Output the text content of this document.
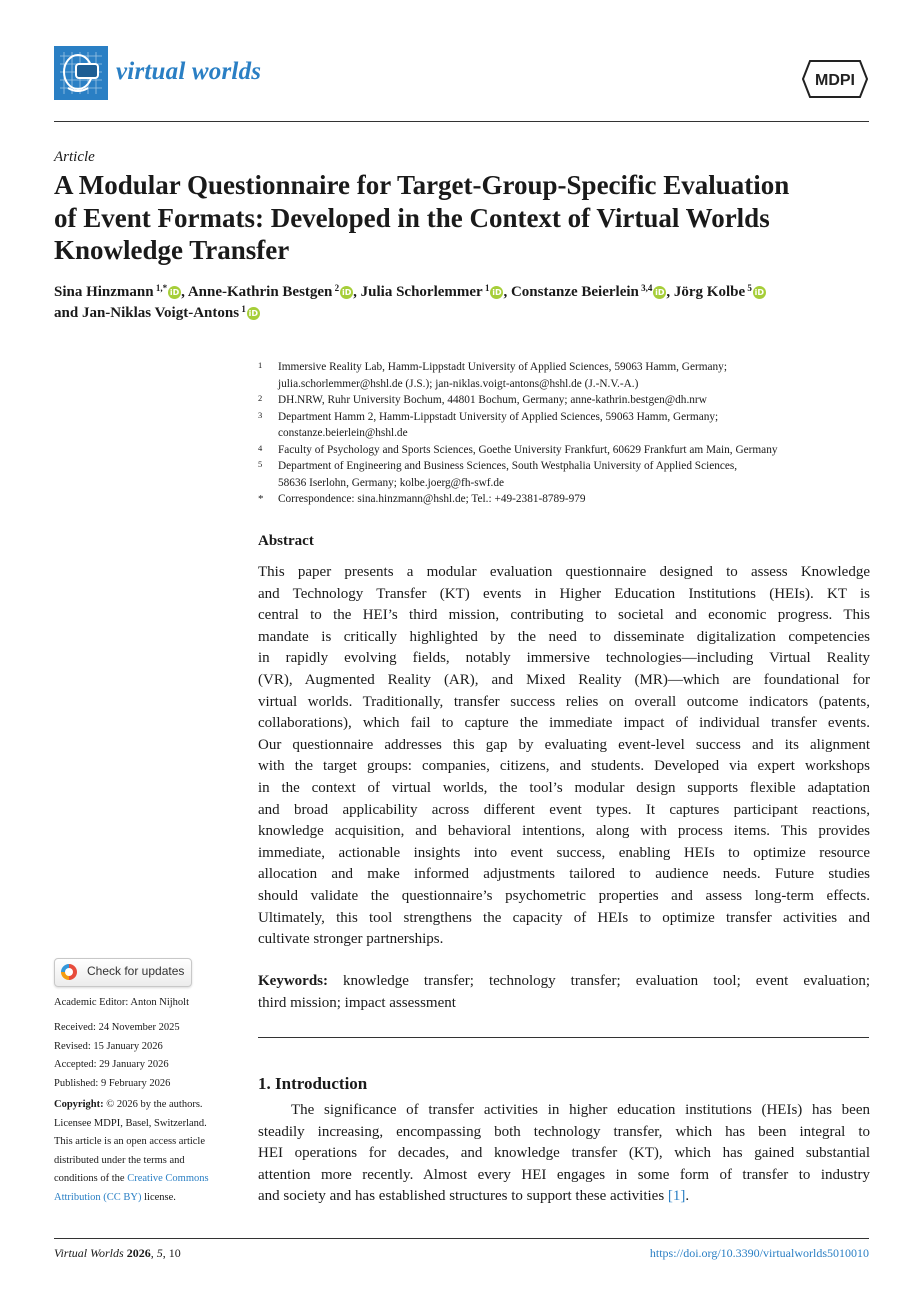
virtual worlds	MDPI
Article
A Modular Questionnaire for Target-Group-Specific Evaluation
of Event Formats: Developed in the Context of Virtual Worlds
Knowledge Transfer
Sina Hinzmann $^{1,*}$ iD , Anne-Kathrin Bestgen $^2$ iD , Julia Schorlemmer $^1$ iD , Constanze Beierlein $^{3,4}$ iD , Jörg Kolbe $^5$ iD
and Jan-Niklas Voigt-Antons $^1$ iD
1 Immersive Reality Lab, Hamm-Lippstadt University of Applied Sciences, 59063 Hamm, Germany;
julia.schorlemmer@hshl.de (J.S.); jan-niklas.voigt-antons@hshl.de (J.-N.V.-A.)
2 DH.NRW, Ruhr University Bochum, 44801 Bochum, Germany; anne-kathrin.bestgen@dh.nrw
3 Department Hamm 2, Hamm-Lippstadt University of Applied Sciences, 59063 Hamm, Germany;
constanze.beierlein@hshl.de
4 Faculty of Psychology and Sports Sciences, Goethe University Frankfurt, 60629 Frankfurt am Main, Germany
5 Department of Engineering and Business Sciences, South Westphalia University of Applied Sciences,
58636 Iserlohn, Germany; kolbe.joerg@fh-swf.de
* Correspondence: sina.hinzmann@hshl.de; Tel.: +49-2381-8789-979
Abstract
This paper presents a modular evaluation questionnaire designed to assess Knowledge
and Technology Transfer (KT) events in Higher Education Institutions (HEIs). KT is
central to the HEI’s third mission, contributing to societal and economic progress. This
mandate is critically highlighted by the need to disseminate digitalization competencies
in rapidly evolving fields, notably immersive technologies—including Virtual Reality
(VR), Augmented Reality (AR), and Mixed Reality (MR)—which are foundational for
virtual worlds. Traditionally, transfer success relies on overall outcome indicators (patents,
collaborations), which fail to capture the immediate impact of individual transfer events.
Our questionnaire addresses this gap by evaluating event-level success and its alignment
with the target groups: companies, citizens, and students. Developed via expert workshops
in the context of virtual worlds, the tool’s modular design supports flexible adaptation
and broad applicability across different event types. It captures participant reactions,
knowledge acquisition, and behavioral intentions, along with process items. This provides
immediate, actionable insights into event success, enabling HEIs to optimize resource
allocation and make informed adjustments tailored to audience needs. Future studies
should validate the questionnaire’s psychometric properties and assess long-term effects.
Ultimately, this tool strengthens the capacity of HEIs to optimize transfer activities and
cultivate stronger partnerships.
Keywords: knowledge transfer; technology transfer; evaluation tool; event evaluation;
third mission; impact assessment
1. Introduction
The significance of transfer activities in higher education institutions (HEIs) has been
steadily increasing, encompassing both technology transfer, which has been integral to
HEI operations for decades, and knowledge transfer (KT), which has gained substantial
attention more recently. Almost every HEI engages in some form of transfer to industry
and society and has established structures to support these activities [1].
Check for updates
Academic Editor: Anton Nijholt
Received: 24 November 2025
Revised: 15 January 2026
Accepted: 29 January 2026
Published: 9 February 2026
Copyright: © 2026 by the authors.
Licensee MDPI, Basel, Switzerland.
This article is an open access article
distributed under the terms and
conditions of the Creative Commons
Attribution (CC BY) license.
Virtual Worlds 2026, 5, 10	https://doi.org/10.3390/virtualworlds5010010
